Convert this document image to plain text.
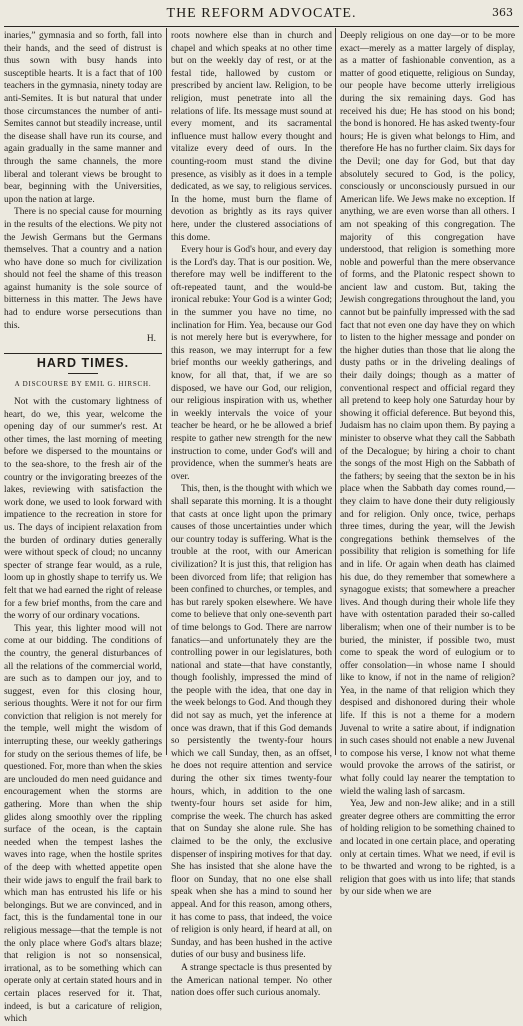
THE REFORM ADVOCATE.	363

inaries,” gymnasia and so forth, fall into their hands, and the seed of distrust is thus sown with busy hands into susceptible hearts. It is a fact that of 100 teachers in the gymnasia, ninety today are anti-Semites. It is but natural that under those circumstances the number of anti-Semites cannot but steadily increase, until the disease shall have run its course, and again gradually in the same manner and through the same channels, the more liberal and tolerant views be brought to bear, beginning with the Universities, upon the nation at large.

There is no special cause for mourning in the results of the elections. We pity not the Jewish Germans but the Germans themselves. That a country and a nation who have done so much for civilization should not feel the shame of this treason against humanity is the sole source of bitterness in this matter. The Jews have had to endure worse persecutions than this.

H.
HARD TIMES.
A DISCOURSE BY EMIL G. HIRSCH.

Not with the customary lightness of heart, do we, this year, welcome the opening day of our summer's rest. At other times, the last morning of meeting before we dispersed to the mountains or to the sea-shore, to the fresh air of the country or the invigorating breezes of the lakes, reviewing with satisfaction the work done, we used to look forward with impatience to the recreation in store for us. The days of incipient relaxation from the burden of ordinary duties generally were without speck of cloud; no uncanny specter of strange fear would, as a rule, loom up in ghostly shape to terrify us. We felt that we had earned the right of release for a few brief months, from the care and the worry of our ordinary vocations.

This year, this lighter mood will not come at our bidding. The conditions of the country, the general disturbances of all the relations of the commercial world, are such as to dampen our joy, and to suggest, even for this closing hour, serious thoughts. Were it not for our firm conviction that religion is not merely for the temple, well might the wisdom of interrupting these, our weekly gatherings for study on the serious themes of life, be questioned. For, more than when the skies are unclouded do men need guidance and encouragement when the storms are gathering. More than when the ship glides along smoothly over the rippling surface of the ocean, is the captain needed when the tempest lashes the waves into rage, when the hostile sprites of the deep with whetted appetite open their wide jaws to engulf the frail bark to which man has entrusted his life or his belongings. But we are convinced, and in fact, this is the fundamental tone in our religious message—that the temple is not the only place where God's altars blaze; that religion is not so nonsensical, irrational, as to be something which can operate only at certain stated hours and in certain places reserved for it. That, indeed, is but a caricature of religion, which

roots nowhere else than in church and chapel and which speaks at no other time but on the weekly day of rest, or at the festal tide, hallowed by custom or prescribed by ancient law. Religion, to be religion, must penetrate into all the relations of life. Its message must sound at every moment, and its sacramental influence must hallow every thought and vitalize every deed of ours. In the counting-room must stand the divine presence, as visibly as it does in a temple dedicated, as we say, to religious services. In the home, must burn the flame of devotion as brightly as its rays quiver here, under the clustered associations of this dome.

Every hour is God's hour, and every day is the Lord's day. That is our position. We, therefore may well be indifferent to the oft-repeated taunt, and the would-be ironical rebuke: Your God is a winter God; in the summer you have no time, no inclination for Him. Yea, because our God is not merely here but is everywhere, for this reason, we may interrupt for a few brief months our weekly gatherings, and know, for all that, that, if we are so disposed, we have our God, our religion, our religious inspiration with us, whether in weekly intervals the voice of your teacher be heard, or he be allowed a brief respite to gather new strength for the new instruction to come, under God's will and providence, when the summer's heats are over.

This, then, is the thought with which we shall separate this morning. It is a thought that casts at once light upon the primary causes of those uncertainties under which our country today is suffering. What is the trouble at the root, with our American civilization? It is just this, that religion has been divorced from life; that religion has been confined to churches, or temples, and has but rarely spoken elsewhere. We have come to believe that only one-seventh part of time belongs to God. There are narrow fanatics—and unfortunately they are the controlling power in our legislatures, both national and state—that have constantly, though foolishly, impressed the mind of the people with the idea, that one day in the week belongs to God. And though they did not say as much, yet the inference at once was drawn, that if this God demands so persistently the twenty-four hours which we call Sunday, then, as an offset, he does not require attention and service during the other six times twenty-four hours, which, in addition to the one twenty-four hours set aside for him, comprise the week. The church has asked that on Sunday she alone rule. She has claimed to be the only, the exclusive dispenser of inspiring motives for that day. She has insisted that she alone have the floor on Sunday, that no one else shall speak when she has a mind to sound her appeal. And for this reason, among others, it has come to pass, that indeed, the voice of religion is only heard, if heard at all, on Sunday, and has been hushed in the active duties of our busy and business life.

A strange spectacle is thus presented by the American national temper. No other nation does offer such curious anomaly.

Deeply religious on one day—or to be more exact—merely as a matter largely of display, as a matter of fashionable convention, as a matter of good etiquette, religious on Sunday, our people have become utterly irreligious during the six remaining days. God has received his due; He has stood on his bond; the bond is honored. He has asked twenty-four hours; He is given what belongs to Him, and therefore He has no further claim. Six days for the Devil; one day for God, but that day absolutely secured to God, is the policy, consciously or unconsciously pursued in our American life. We Jews make no exception. If anything, we are even worse than all others. I am not speaking of this congregation. The majority of this congregation have understood, that religion is something more noble and powerful than the mere observance of forms, and the Platonic respect shown to ancient law and custom. But, taking the Jewish congregations throughout the land, you cannot but be painfully impressed with the sad fact that not even one day have they on which to listen to the higher message and ponder on the higher duties than those that lie along the dusty paths or in the driveling dealings of their daily doings; though as a matter of conventional respect and official regard they all pretend to keep holy one Saturday hour by showing it official deference. But beyond this, Judaism has no claim upon them. By paying a minister to observe what they call the Sabbath of the Decalogue; by hiring a choir to chant the songs of the most High on the Sabbath of the fathers; by seeing that the sexton be in his place when the Sabbath day comes round,—they claim to have done their duty religiously and for religion. Only once, twice, perhaps three times, during the year, will the Jewish congregations bethink themselves of the possibility that religion is something for life and in life. Or again when death has claimed his due, do they remember that somewhere a synagogue exists; that somewhere a preacher lives. And though during their whole life they have with ostentation paraded their so-called liberalism; when one of their number is to be buried, the minister, if possible two, must come to speak the word of eulogium or to offer consolation—in whose name I should like to know, if not in the name of religion? Yea, in the name of that religion which they despised and dishonored during their whole life. If this is not a theme for a modern Juvenal to write a satire about, if indignation in such cases should not enable a new Juvenal to compose his verse, I know not what theme would provoke the arrows of the satirist, or what folly could lay nearer the temptation to wield the waling lash of sarcasm.

Yea, Jew and non-Jew alike; and in a still greater degree others are committing the error of holding religion to be something chained to and located in one certain place, and operating only at certain times. What we need, if evil is to be thwarted and wrong to be righted, is a religion that goes with us into life; that stands by our side when we are
